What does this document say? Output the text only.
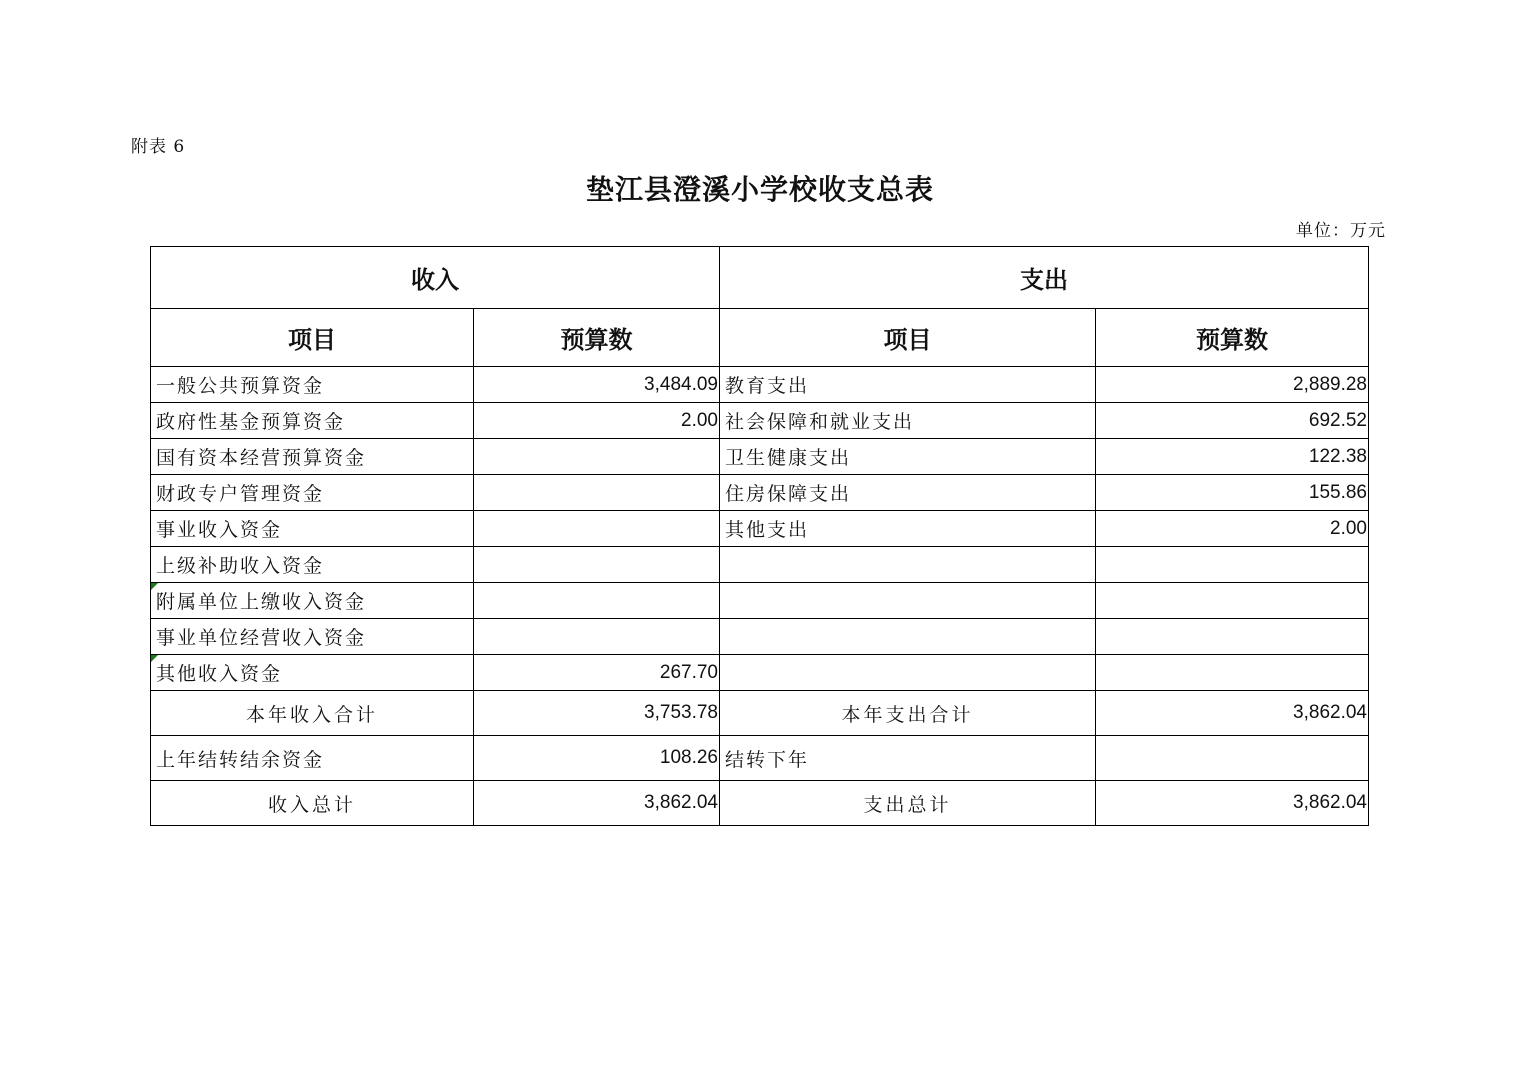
附表 6
垫江县澄溪小学校收支总表
单位：万元
收入		支出	
项目	预算数	项目	预算数
一般公共预算资金	3,484.09	教育支出	2,889.28
政府性基金预算资金	2.00	社会保障和就业支出	692.52
国有资本经营预算资金		卫生健康支出	122.38
财政专户管理资金		住房保障支出	155.86
事业收入资金		其他支出	2.00
上级补助收入资金			

附属单位上缴收入资金			
事业单位经营收入资金			

其他收入资金	267.70		
本年收入合计	3,753.78	本年支出合计	3,862.04
上年结转结余资金	108.26	结转下年	
收入总计	3,862.04	支出总计	3,862.04
